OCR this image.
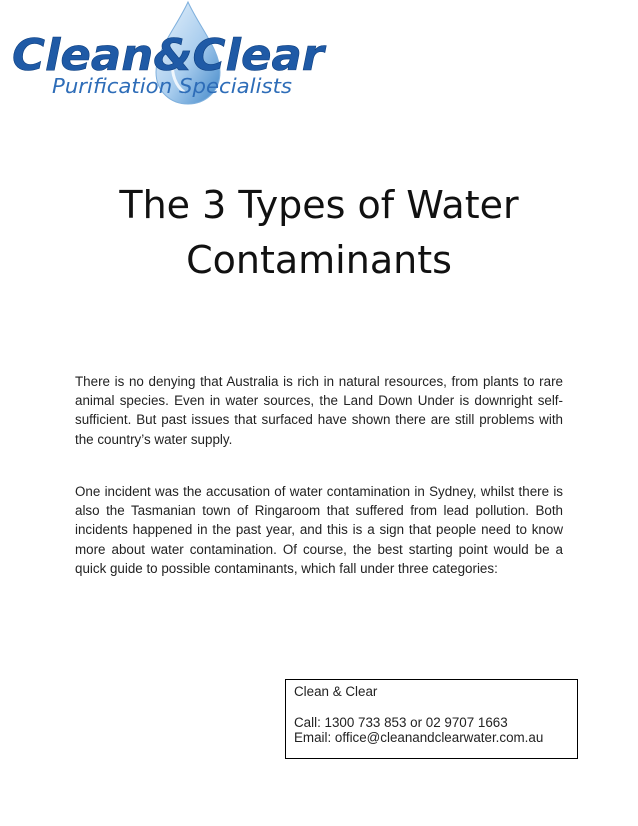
Clean&Clear
Purification Specialists
The 3 Types of Water
Contaminants

There is no denying that Australia is rich in natural resources, from plants to rare animal species. Even in water sources, the Land Down Under is downright self-sufficient. But past issues that surfaced have shown there are still problems with the country’s water supply.

One incident was the accusation of water contamination in Sydney, whilst there is also the Tasmanian town of Ringaroom that suffered from lead pollution. Both incidents happened in the past year, and this is a sign that people need to know more about water contamination. Of course, the best starting point would be a quick guide to possible contaminants, which fall under three categories:

Clean & Clear
Call: 1300 733 853 or 02 9707 1663
Email: office@cleanandclearwater.com.au
